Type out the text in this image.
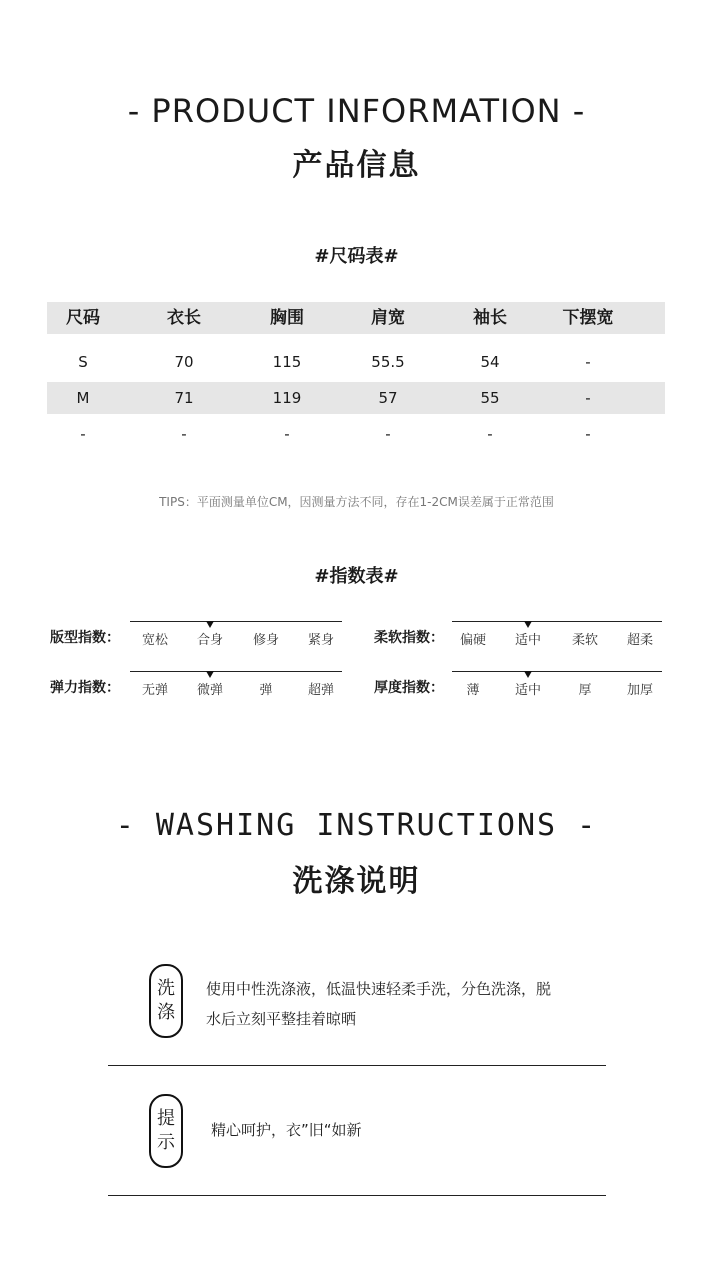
- PRODUCT INFORMATION -
产品信息
#尺码表#
尺码	衣长	胸围	肩宽	袖长	下摆宽
S	70	115	55.5	54	-
M	71	119	57	55	-
-	-	-	-	-	-
TIPS：平面测量单位CM，因测量方法不同，存在1-2CM误差属于正常范围
#指数表#
版型指数：	宽松	合身	修身	紧身	柔软指数：	偏硬	适中	柔软	超柔
弹力指数：	无弹	微弹	弹	超弹	厚度指数：	薄	适中	厚	加厚
- WASHING INSTRUCTIONS -
洗涤说明
洗
涤
使用中性洗涤液，低温快速轻柔手洗，分色洗涤，脱
水后立刻平整挂着晾晒
提
示
精心呵护，衣”旧“如新
